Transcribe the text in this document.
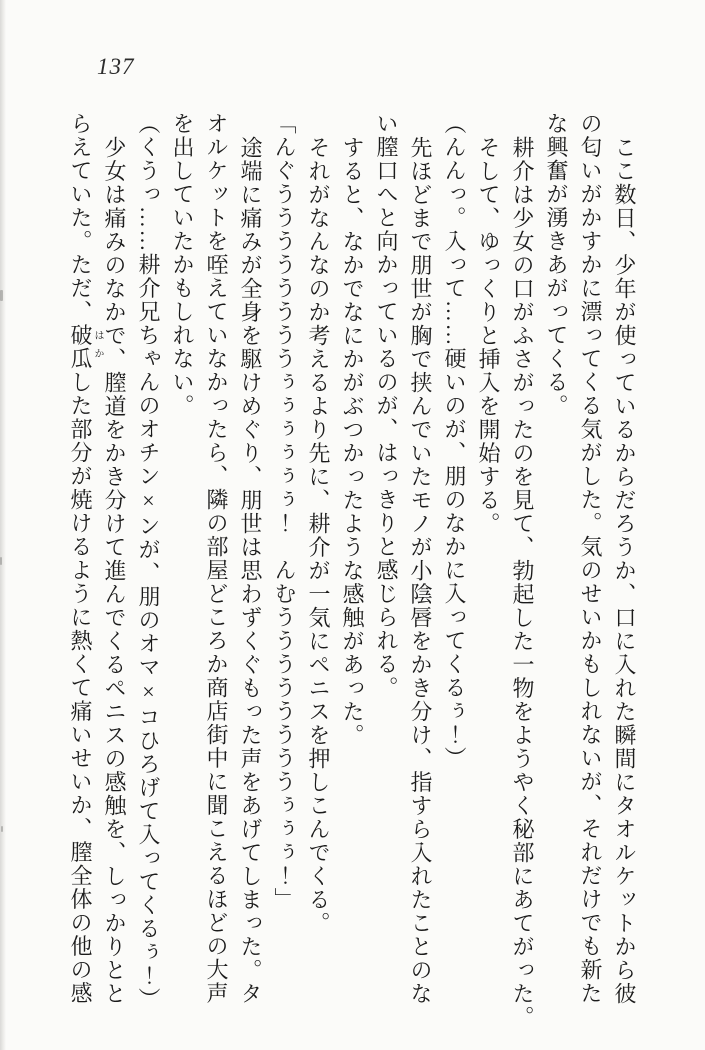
137
ここ数日、少年が使っているからだろうか、口に入れた瞬間にタオルケットから彼
の匂いがかすかに漂ってくる気がした。気のせいかもしれないが、それだけでも新た
な興奮が湧きあがってくる。
耕介は少女の口がふさがったのを見て、勃起した一物をようやく秘部にあてがった。
そして、ゆっくりと挿入を開始する。
（んんっ。入って……硬いのが、朋のなかに入ってくるぅ！）
先ほどまで朋世が胸で挟んでいたモノが小陰唇をかき分け、指すら入れたことのな
い膣口へと向かっているのが、はっきりと感じられる。
すると、なかでなにかがぶつかったような感触があった。
それがなんなのか考えるより先に、耕介が一気にペニスを押しこんでくる。
「んぐううううううううぅぅぅぅぅぅ！　んむううううううううぅぅぅ！」
途端に痛みが全身を駆けめぐり、朋世は思わずくぐもった声をあげてしまった。タ
オルケットを咥えていなかったら、隣の部屋どころか商店街中に聞こえるほどの大声
を出していたかもしれない。
（くうっ……耕介兄ちゃんのオチン×ンが、朋のオマ×コひろげて入ってくるぅ！）
少女は痛みのなかで、膣道をかき分けて進んでくるペニスの感触を、しっかりとと
らえていた。ただ、破瓜した部分が焼けるように熱くて痛いせいか、膣全体の他の感 はか
